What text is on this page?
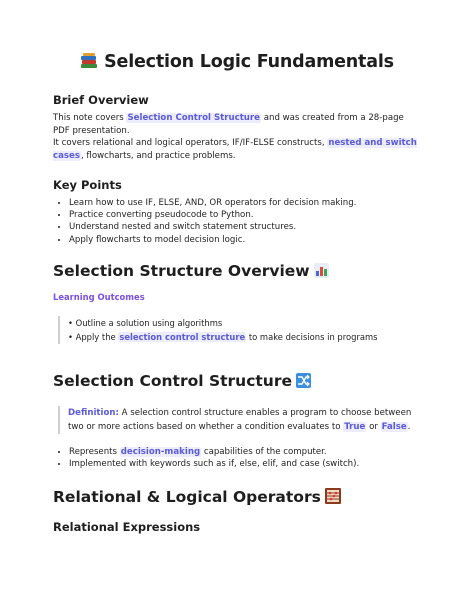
Selection Logic Fundamentals
Brief Overview
This note covers Selection Control Structure and was created from a 28-page PDF presentation.
It covers relational and logical operators, IF/IF-ELSE constructs, nested and switch cases, flowcharts, and practice problems.
Key Points
• Learn how to use IF, ELSE, AND, OR operators for decision making.
• Practice converting pseudocode to Python.
• Understand nested and switch statement structures.
• Apply flowcharts to model decision logic.
Selection Structure Overview
Learning Outcomes
• Outline a solution using algorithms
• Apply the selection control structure to make decisions in programs
Selection Control Structure
Definition: A selection control structure enables a program to choose between two or more actions based on whether a condition evaluates to True or False.
• Represents decision-making capabilities of the computer.
• Implemented with keywords such as if, else, elif, and case (switch).
Relational & Logical Operators
Relational Expressions
